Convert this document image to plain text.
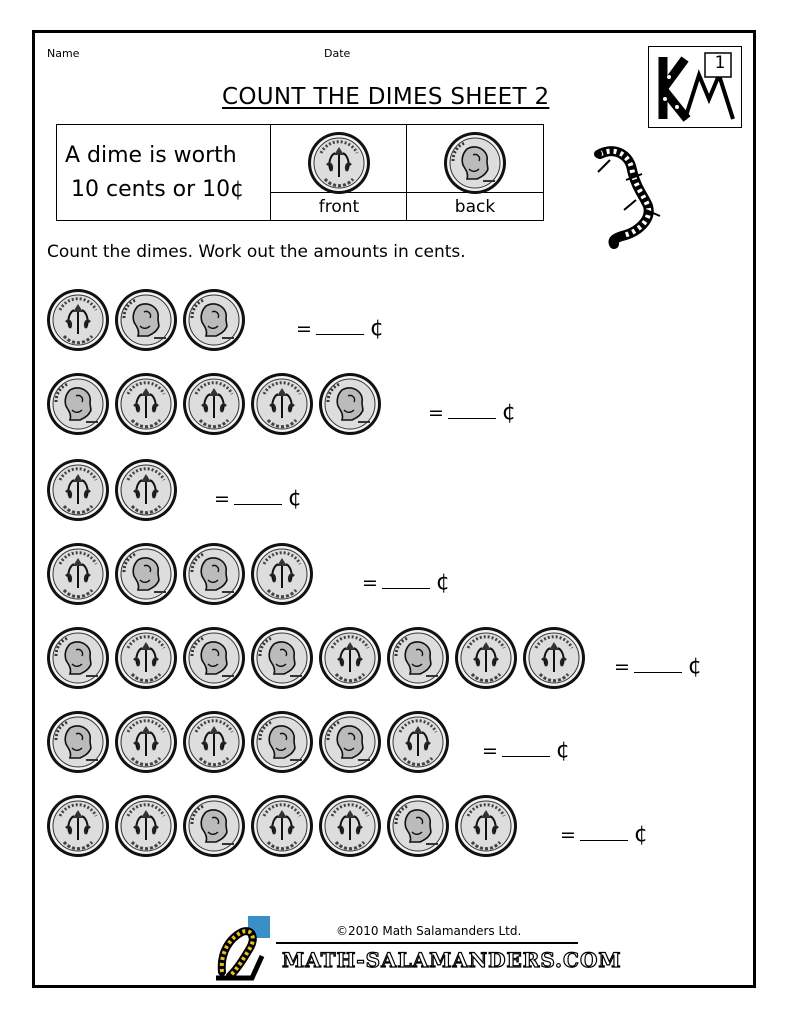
Name	Date	1
COUNT THE DIMES SHEET 2
A dime is worth
10 cents or 10¢
front	back
Count the dimes. Work out the amounts in cents.
=	¢
=	¢
=	¢
=	¢
=	¢
=	¢
=	¢
©2010 Math Salamanders Ltd.
MATH-SALAMANDERS.COM
